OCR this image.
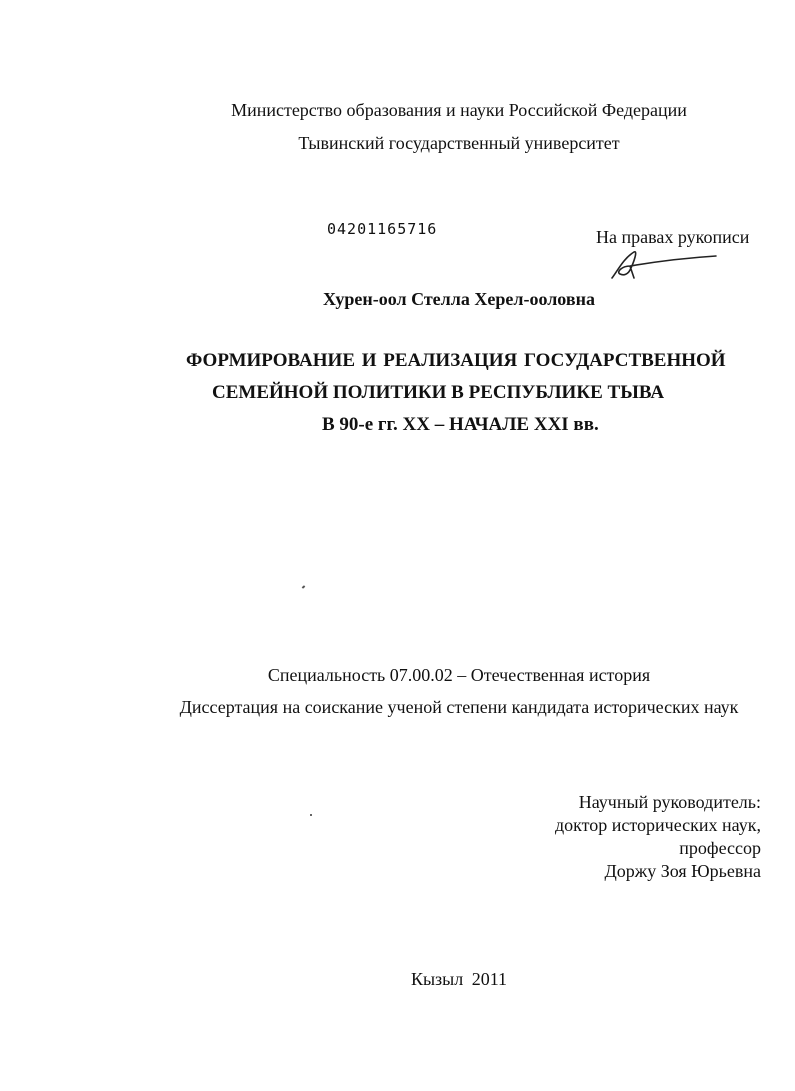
Министерство образования и науки Российской Федерации
Тывинский государственный университет
04201165716	На правах рукописи
Хурен-оол Стелла Херел-ооловна
ФОРМИРОВАНИЕ И РЕАЛИЗАЦИЯ ГОСУДАРСТВЕННОЙ
СЕМЕЙНОЙ ПОЛИТИКИ В РЕСПУБЛИКЕ ТЫВА
В 90-е гг. ХХ – НАЧАЛЕ XXI вв.
Специальность 07.00.02 – Отечественная история
Диссертация на соискание ученой степени кандидата исторических наук
Научный руководитель:
доктор исторических наук,
профессор
Доржу Зоя Юрьевна
Кызыл 2011
